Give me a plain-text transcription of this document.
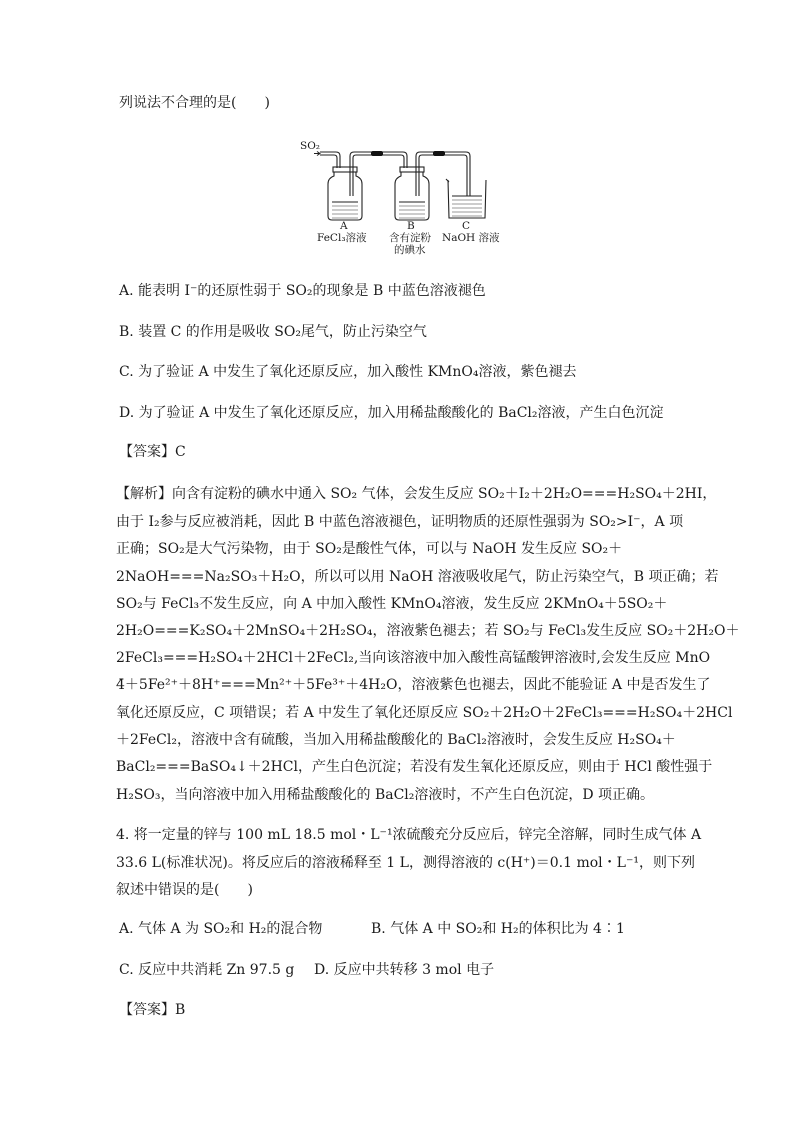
列说法不合理的是(　　)
SO₂
A
FeCl₃溶液
B
含有淀粉
的碘水
C
NaOH 溶液
A. 能表明 I⁻的还原性弱于 SO₂的现象是 B 中蓝色溶液褪色
B. 装置 C 的作用是吸收 SO₂尾气，防止污染空气
C. 为了验证 A 中发生了氧化还原反应，加入酸性 KMnO₄溶液，紫色褪去
D. 为了验证 A 中发生了氧化还原反应，加入用稀盐酸酸化的 BaCl₂溶液，产生白色沉淀
【答案】C
【解析】向含有淀粉的碘水中通入 SO₂ 气体，会发生反应 SO₂＋I₂＋2H₂O===H₂SO₄＋2HI，
由于 I₂参与反应被消耗，因此 B 中蓝色溶液褪色，证明物质的还原性强弱为 SO₂>I⁻，A 项
正确；SO₂是大气污染物，由于 SO₂是酸性气体，可以与 NaOH 发生反应 SO₂＋
2NaOH===Na₂SO₃＋H₂O，所以可以用 NaOH 溶液吸收尾气，防止污染空气，B 项正确；若
SO₂与 FeCl₃不发生反应，向 A 中加入酸性 KMnO₄溶液，发生反应 2KMnO₄＋5SO₂＋
2H₂O===K₂SO₄＋2MnSO₄＋2H₂SO₄，溶液紫色褪去；若 SO₂与 FeCl₃发生反应 SO₂＋2H₂O＋
2FeCl₃===H₂SO₄＋2HCl＋2FeCl₂,当向该溶液中加入酸性高锰酸钾溶液时,会发生反应 MnO
4̄＋5Fe²⁺＋8H⁺===Mn²⁺＋5Fe³⁺＋4H₂O，溶液紫色也褪去，因此不能验证 A 中是否发生了
氧化还原反应，C 项错误；若 A 中发生了氧化还原反应 SO₂＋2H₂O＋2FeCl₃===H₂SO₄＋2HCl
＋2FeCl₂，溶液中含有硫酸，当加入用稀盐酸酸化的 BaCl₂溶液时，会发生反应 H₂SO₄＋
BaCl₂===BaSO₄↓＋2HCl，产生白色沉淀；若没有发生氧化还原反应，则由于 HCl 酸性强于
H₂SO₃，当向溶液中加入用稀盐酸酸化的 BaCl₂溶液时，不产生白色沉淀，D 项正确。
4. 将一定量的锌与 100 mL 18.5 mol・L⁻¹浓硫酸充分反应后，锌完全溶解，同时生成气体 A
33.6 L(标准状况)。将反应后的溶液稀释至 1 L，测得溶液的 c(H⁺)＝0.1 mol・L⁻¹，则下列
叙述中错误的是(　　)
A. 气体 A 为 SO₂和 H₂的混合物	B. 气体 A 中 SO₂和 H₂的体积比为 4∶1
C. 反应中共消耗 Zn 97.5 g D. 反应中共转移 3 mol 电子
【答案】B
